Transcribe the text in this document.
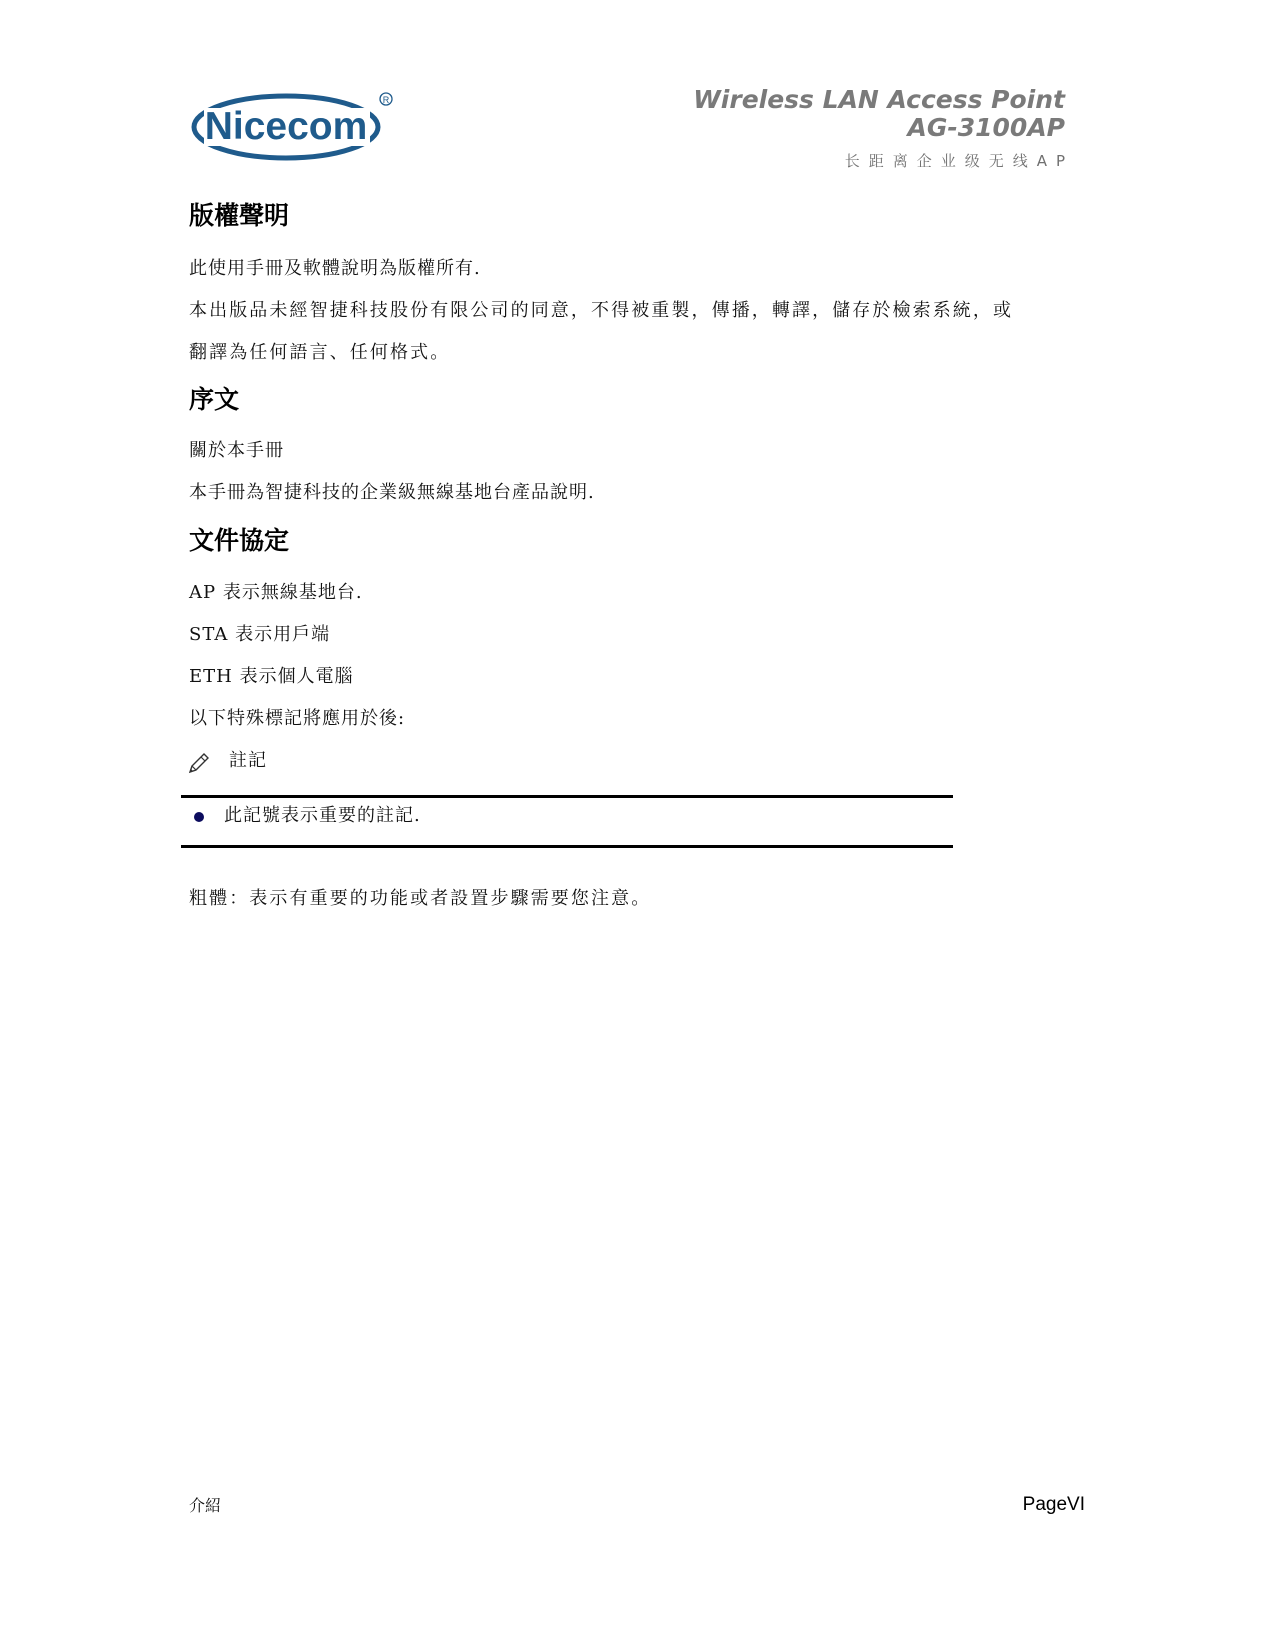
Nicecom
R	Wireless LAN Access Point
AG-3100AP
长距离企业级无线AP
版權聲明
此使用手冊及軟體說明為版權所有.
本出版品未經智捷科技股份有限公司的同意，不得被重製，傳播，轉譯，儲存於檢索系統，或
翻譯為任何語言、任何格式。
序文
關於本手冊
本手冊為智捷科技的企業級無線基地台產品說明.
文件協定
AP 表示無線基地台.
STA 表示用戶端
ETH 表示個人電腦
以下特殊標記將應用於後:
註記
此記號表示重要的註記.
粗體：表示有重要的功能或者設置步驟需要您注意。
介紹	PageVI
